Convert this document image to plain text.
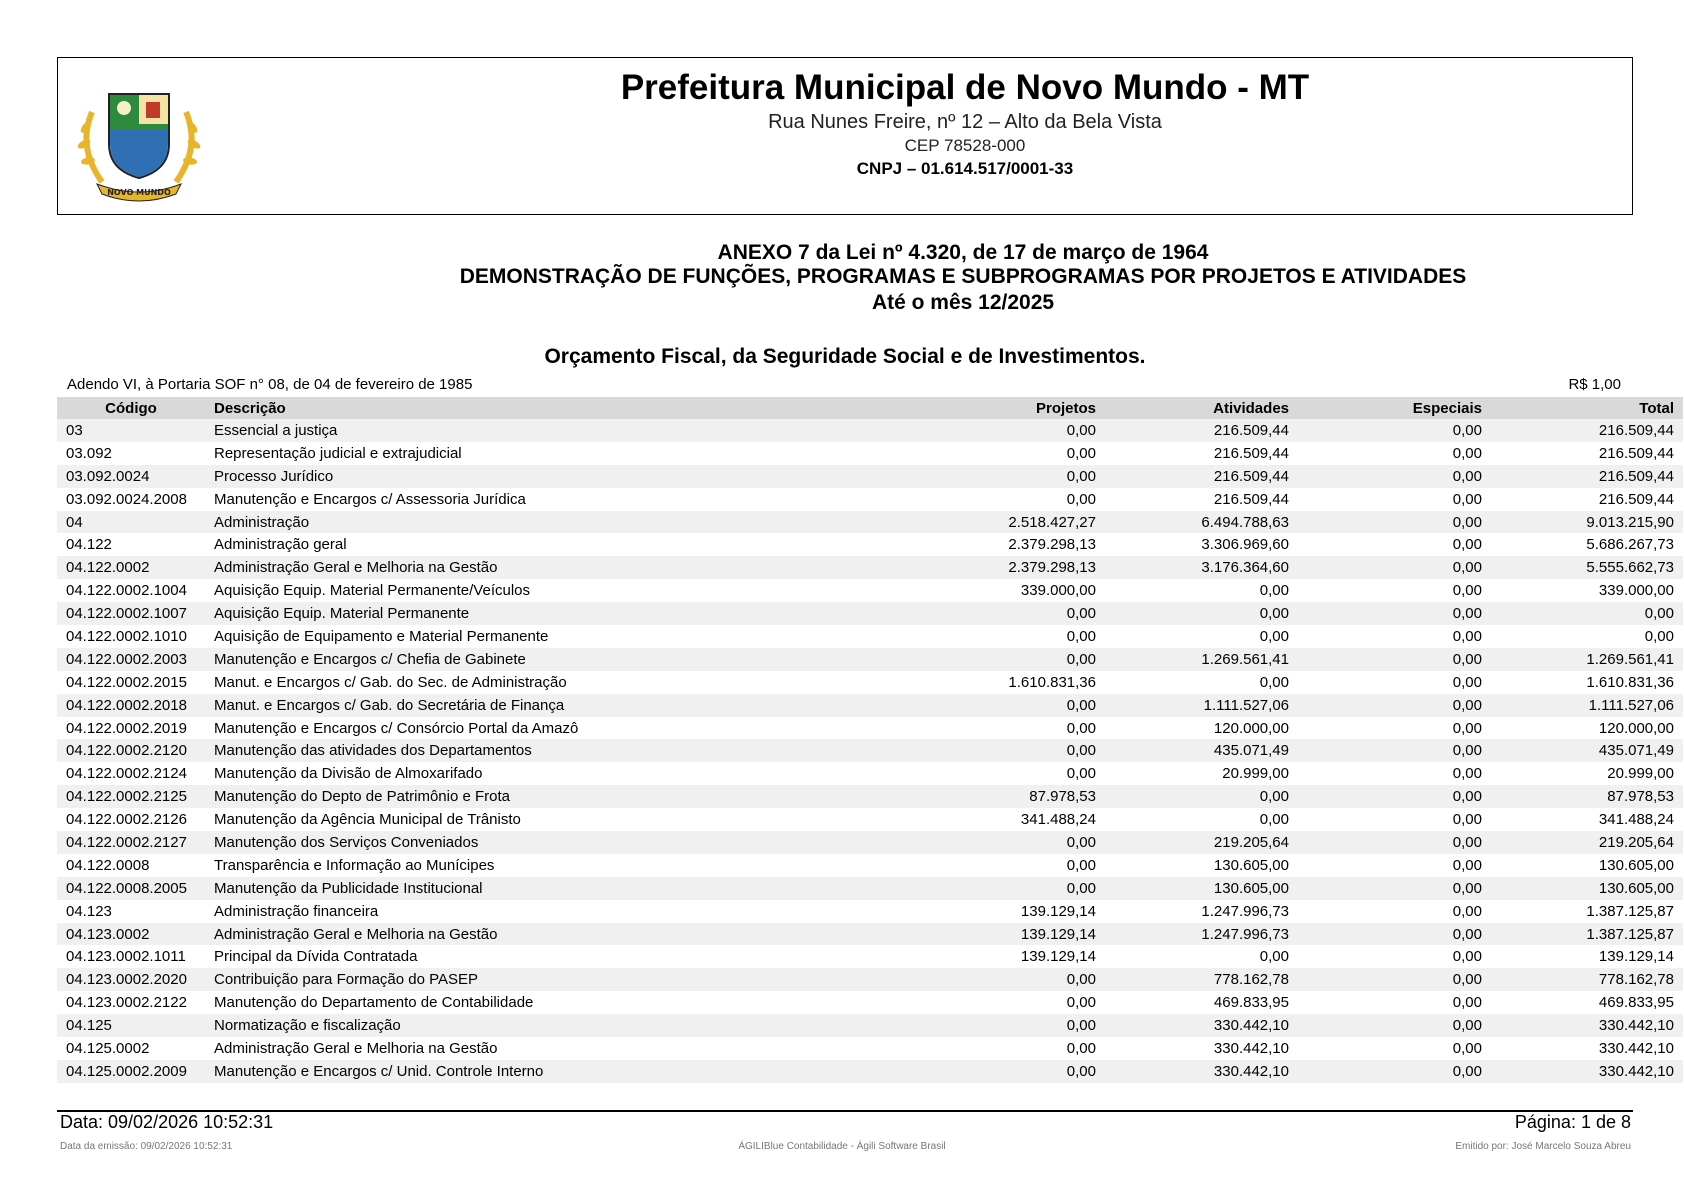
NOVO MUNDO
Prefeitura Municipal de Novo Mundo - MT
Rua Nunes Freire, nº 12 – Alto da Bela Vista
CEP 78528-000
CNPJ – 01.614.517/0001-33
ANEXO 7 da Lei nº 4.320, de 17 de março de 1964
DEMONSTRAÇÃO DE FUNÇÕES, PROGRAMAS E SUBPROGRAMAS POR PROJETOS E ATIVIDADES
Até o mês 12/2025
Orçamento Fiscal, da Seguridade Social e de Investimentos.
Adendo VI, à Portaria SOF n° 08, de 04 de fevereiro de 1985	R$ 1,00
Código	Descrição	Projetos	Atividades	Especiais	Total
03	Essencial a justiça	0,00	216.509,44	0,00	216.509,44
03.092	Representação judicial e extrajudicial	0,00	216.509,44	0,00	216.509,44
03.092.0024	Processo Jurídico	0,00	216.509,44	0,00	216.509,44
03.092.0024.2008	Manutenção e Encargos c/ Assessoria Jurídica	0,00	216.509,44	0,00	216.509,44
04	Administração	2.518.427,27	6.494.788,63	0,00	9.013.215,90
04.122	Administração geral	2.379.298,13	3.306.969,60	0,00	5.686.267,73
04.122.0002	Administração Geral e Melhoria na Gestão	2.379.298,13	3.176.364,60	0,00	5.555.662,73
04.122.0002.1004	Aquisição Equip. Material Permanente/Veículos	339.000,00	0,00	0,00	339.000,00
04.122.0002.1007	Aquisição Equip. Material Permanente	0,00	0,00	0,00	0,00
04.122.0002.1010	Aquisição de Equipamento e Material Permanente	0,00	0,00	0,00	0,00
04.122.0002.2003	Manutenção e Encargos c/ Chefia de Gabinete	0,00	1.269.561,41	0,00	1.269.561,41
04.122.0002.2015	Manut. e Encargos c/ Gab. do Sec. de Administração	1.610.831,36	0,00	0,00	1.610.831,36
04.122.0002.2018	Manut. e Encargos c/ Gab. do Secretária de Finança	0,00	1.111.527,06	0,00	1.111.527,06
04.122.0002.2019	Manutenção e Encargos c/ Consórcio Portal da Amazô	0,00	120.000,00	0,00	120.000,00
04.122.0002.2120	Manutenção das atividades dos Departamentos	0,00	435.071,49	0,00	435.071,49
04.122.0002.2124	Manutenção da Divisão de Almoxarifado	0,00	20.999,00	0,00	20.999,00
04.122.0002.2125	Manutenção do Depto de Patrimônio e Frota	87.978,53	0,00	0,00	87.978,53
04.122.0002.2126	Manutenção da Agência Municipal de Trânisto	341.488,24	0,00	0,00	341.488,24
04.122.0002.2127	Manutenção dos Serviços Conveniados	0,00	219.205,64	0,00	219.205,64
04.122.0008	Transparência e Informação ao Munícipes	0,00	130.605,00	0,00	130.605,00
04.122.0008.2005	Manutenção da Publicidade Institucional	0,00	130.605,00	0,00	130.605,00
04.123	Administração financeira	139.129,14	1.247.996,73	0,00	1.387.125,87
04.123.0002	Administração Geral e Melhoria na Gestão	139.129,14	1.247.996,73	0,00	1.387.125,87
04.123.0002.1011	Principal da Dívida Contratada	139.129,14	0,00	0,00	139.129,14
04.123.0002.2020	Contribuição para Formação do PASEP	0,00	778.162,78	0,00	778.162,78
04.123.0002.2122	Manutenção do Departamento de Contabilidade	0,00	469.833,95	0,00	469.833,95
04.125	Normatização e fiscalização	0,00	330.442,10	0,00	330.442,10
04.125.0002	Administração Geral e Melhoria na Gestão	0,00	330.442,10	0,00	330.442,10
04.125.0002.2009	Manutenção e Encargos c/ Unid. Controle Interno	0,00	330.442,10	0,00	330.442,10
Data: 09/02/2026 10:52:31	Página: 1 de 8
Data da emissão: 09/02/2026 10:52:31	ÁGILIBlue Contabilidade - Ágili Software Brasil	Emitido por: José Marcelo Souza Abreu
